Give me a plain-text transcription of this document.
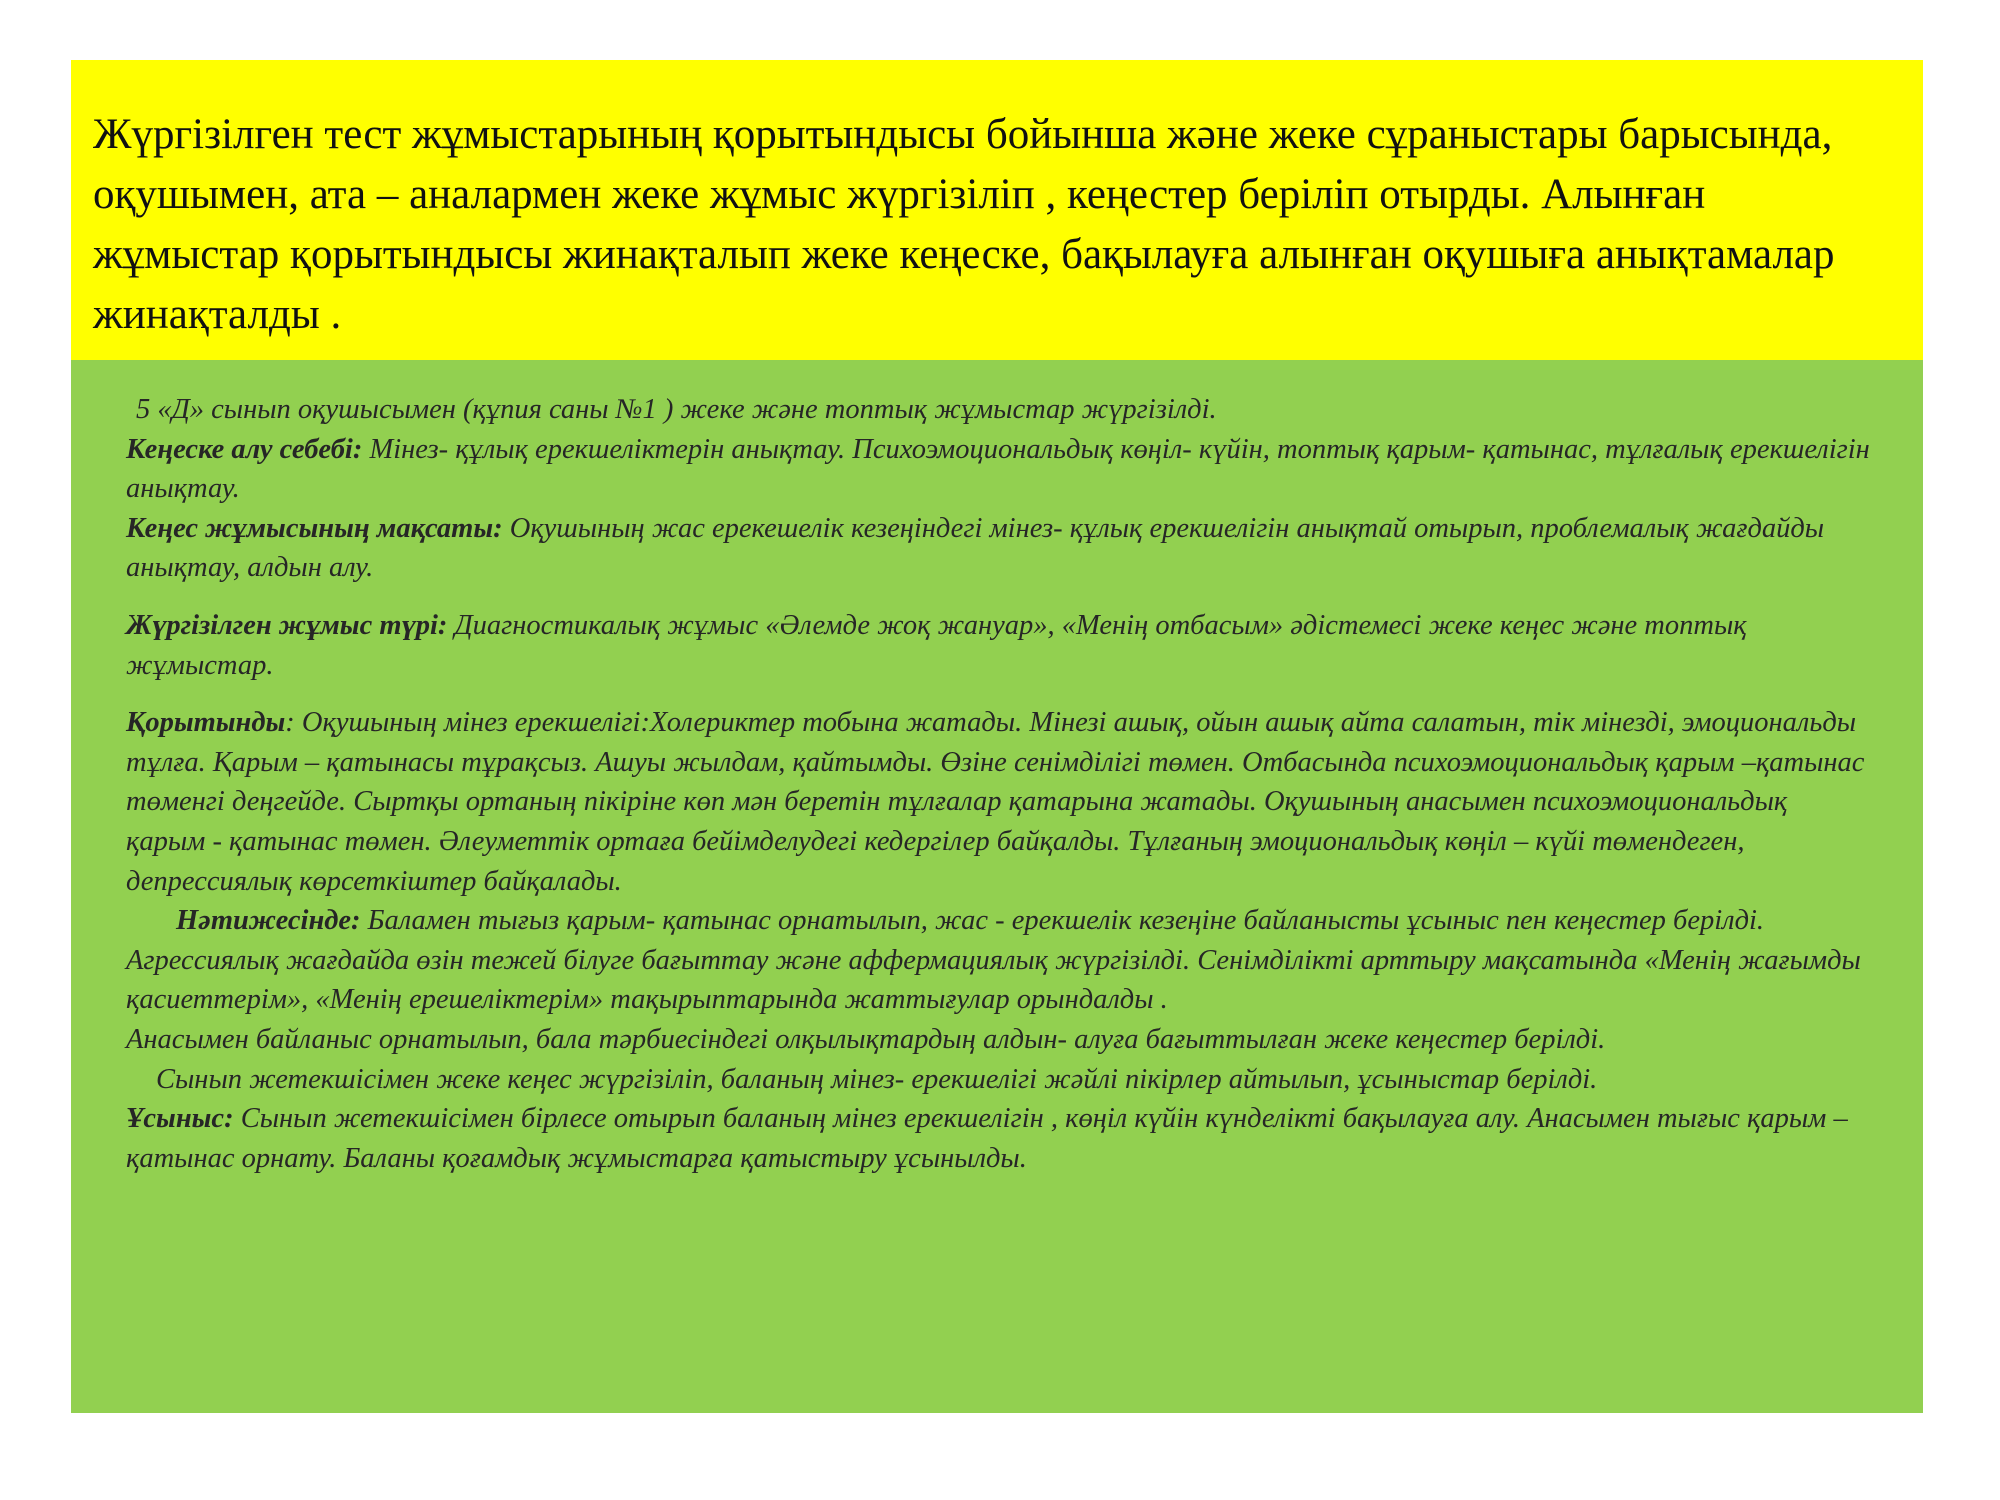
Жүргізілген тест жұмыстарының қорытындысы бойынша және жеке сұраныстары барысында, оқушымен, ата – аналармен жеке жұмыс жүргізіліп , кеңестер беріліп отырды. Алынған жұмыстар қорытындысы жинақталып жеке кеңеске, бақылауға алынған оқушыға анықтамалар жинақталды .

5 «Д» сынып оқушысымен (құпия саны №1 ) жеке және топтық жұмыстар жүргізілді.

Кеңеске алу себебі: Мінез- құлық ерекшеліктерін анықтау. Психоэмоциональдық көңіл- күйін, топтық қарым- қатынас, тұлғалық ерекшелігін анықтау.

Кеңес жұмысының мақсаты: Оқушының жас ерекешелік кезеңіндегі мінез- құлық ерекшелігін анықтай отырып, проблемалық жағдайды анықтау, алдын алу.

Жүргізілген жұмыс түрі: Диагностикалық жұмыс «Әлемде жоқ жануар», «Менің отбасым» әдістемесі жеке кеңес және топтық жұмыстар.

Қорытынды: Оқушының мінез ерекшелігі:Холериктер тобына жатады. Мінезі ашық, ойын ашық айта салатын, тік мінезді, эмоциональды тұлға. Қарым – қатынасы тұрақсыз. Ашуы жылдам, қайтымды. Өзіне сенімділігі төмен. Отбасында психоэмоциональдық қарым –қатынас төменгі деңгейде. Сыртқы ортаның пікіріне көп мән беретін тұлғалар қатарына жатады. Оқушының анасымен психоэмоциональдық қарым - қатынас төмен. Әлеуметтік ортаға бейімделудегі кедергілер байқалды. Тұлғаның эмоциональдық көңіл – күйі төмендеген, депрессиялық көрсеткіштер байқалады.

Нәтижесінде: Баламен тығыз қарым- қатынас орнатылып, жас - ерекшелік кезеңіне байланысты ұсыныс пен кеңестер берілді. Агрессиялық жағдайда өзін тежей білуге бағыттау және аффермациялық жүргізілді. Сенімділікті арттыру мақсатында «Менің жағымды қасиеттерім», «Менің ерешеліктерім» тақырыптарында жаттығулар орындалды .

Анасымен байланыс орнатылып, бала тәрбиесіндегі олқылықтардың алдын- алуға бағыттылған жеке кеңестер берілді.

Сынып жетекшісімен жеке кеңес жүргізіліп, баланың мінез- ерекшелігі жәйлі пікірлер айтылып, ұсыныстар берілді.

Ұсыныс: Сынып жетекшісімен бірлесе отырып баланың мінез ерекшелігін , көңіл күйін күнделікті бақылауға алу. Анасымен тығыс қарым – қатынас орнату. Баланы қоғамдық жұмыстарға қатыстыру ұсынылды.
